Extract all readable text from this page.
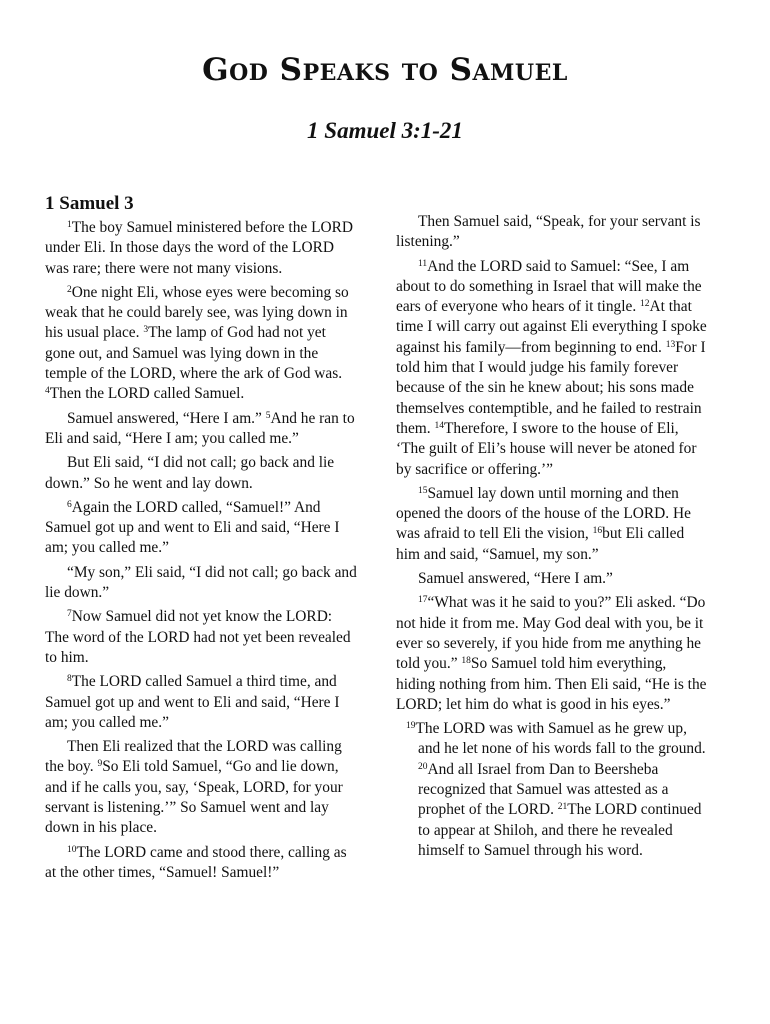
God Speaks to Samuel
1 Samuel 3:1-21
1 Samuel 3

$^1$The boy Samuel ministered before the LORD under Eli. In those days the word of the LORD was rare; there were not many visions.

$^2$One night Eli, whose eyes were becoming so weak that he could barely see, was lying down in his usual place. $^3$The lamp of God had not yet gone out, and Samuel was lying down in the temple of the LORD, where the ark of God was. $^4$Then the LORD called Samuel.

Samuel answered, “Here I am.” $^5$And he ran to Eli and said, “Here I am; you called me.”

But Eli said, “I did not call; go back and lie down.” So he went and lay down.

$^6$Again the LORD called, “Samuel!” And Samuel got up and went to Eli and said, “Here I am; you called me.”

“My son,” Eli said, “I did not call; go back and lie down.”

$^7$Now Samuel did not yet know the LORD: The word of the LORD had not yet been revealed to him.

$^8$The LORD called Samuel a third time, and Samuel got up and went to Eli and said, “Here I am; you called me.”

Then Eli realized that the LORD was calling the boy. $^9$So Eli told Samuel, “Go and lie down, and if he calls you, say, ‘Speak, LORD, for your servant is listening.’” So Samuel went and lay down in his place.

$^{10}$The LORD came and stood there, calling as at the other times, “Samuel! Samuel!”

Then Samuel said, “Speak, for your servant is listening.”

$^{11}$And the LORD said to Samuel: “See, I am about to do something in Israel that will make the ears of everyone who hears of it tingle. $^{12}$At that time I will carry out against Eli everything I spoke against his family—from beginning to end. $^{13}$For I told him that I would judge his family forever because of the sin he knew about; his sons made themselves contemptible, and he failed to restrain them. $^{14}$Therefore, I swore to the house of Eli, ‘The guilt of Eli’s house will never be atoned for by sacrifice or offering.’”

$^{15}$Samuel lay down until morning and then opened the doors of the house of the LORD. He was afraid to tell Eli the vision, $^{16}$but Eli called him and said, “Samuel, my son.”

Samuel answered, “Here I am.”

$^{17}$“What was it he said to you?” Eli asked. “Do not hide it from me. May God deal with you, be it ever so severely, if you hide from me anything he told you.” $^{18}$So Samuel told him everything, hiding nothing from him. Then Eli said, “He is the LORD; let him do what is good in his eyes.”

$^{19}$The LORD was with Samuel as he grew up, and he let none of his words fall to the ground. $^{20}$And all Israel from Dan to Beersheba recognized that Samuel was attested as a prophet of the LORD. $^{21}$The LORD continued to appear at Shiloh, and there he revealed himself to Samuel through his word.
